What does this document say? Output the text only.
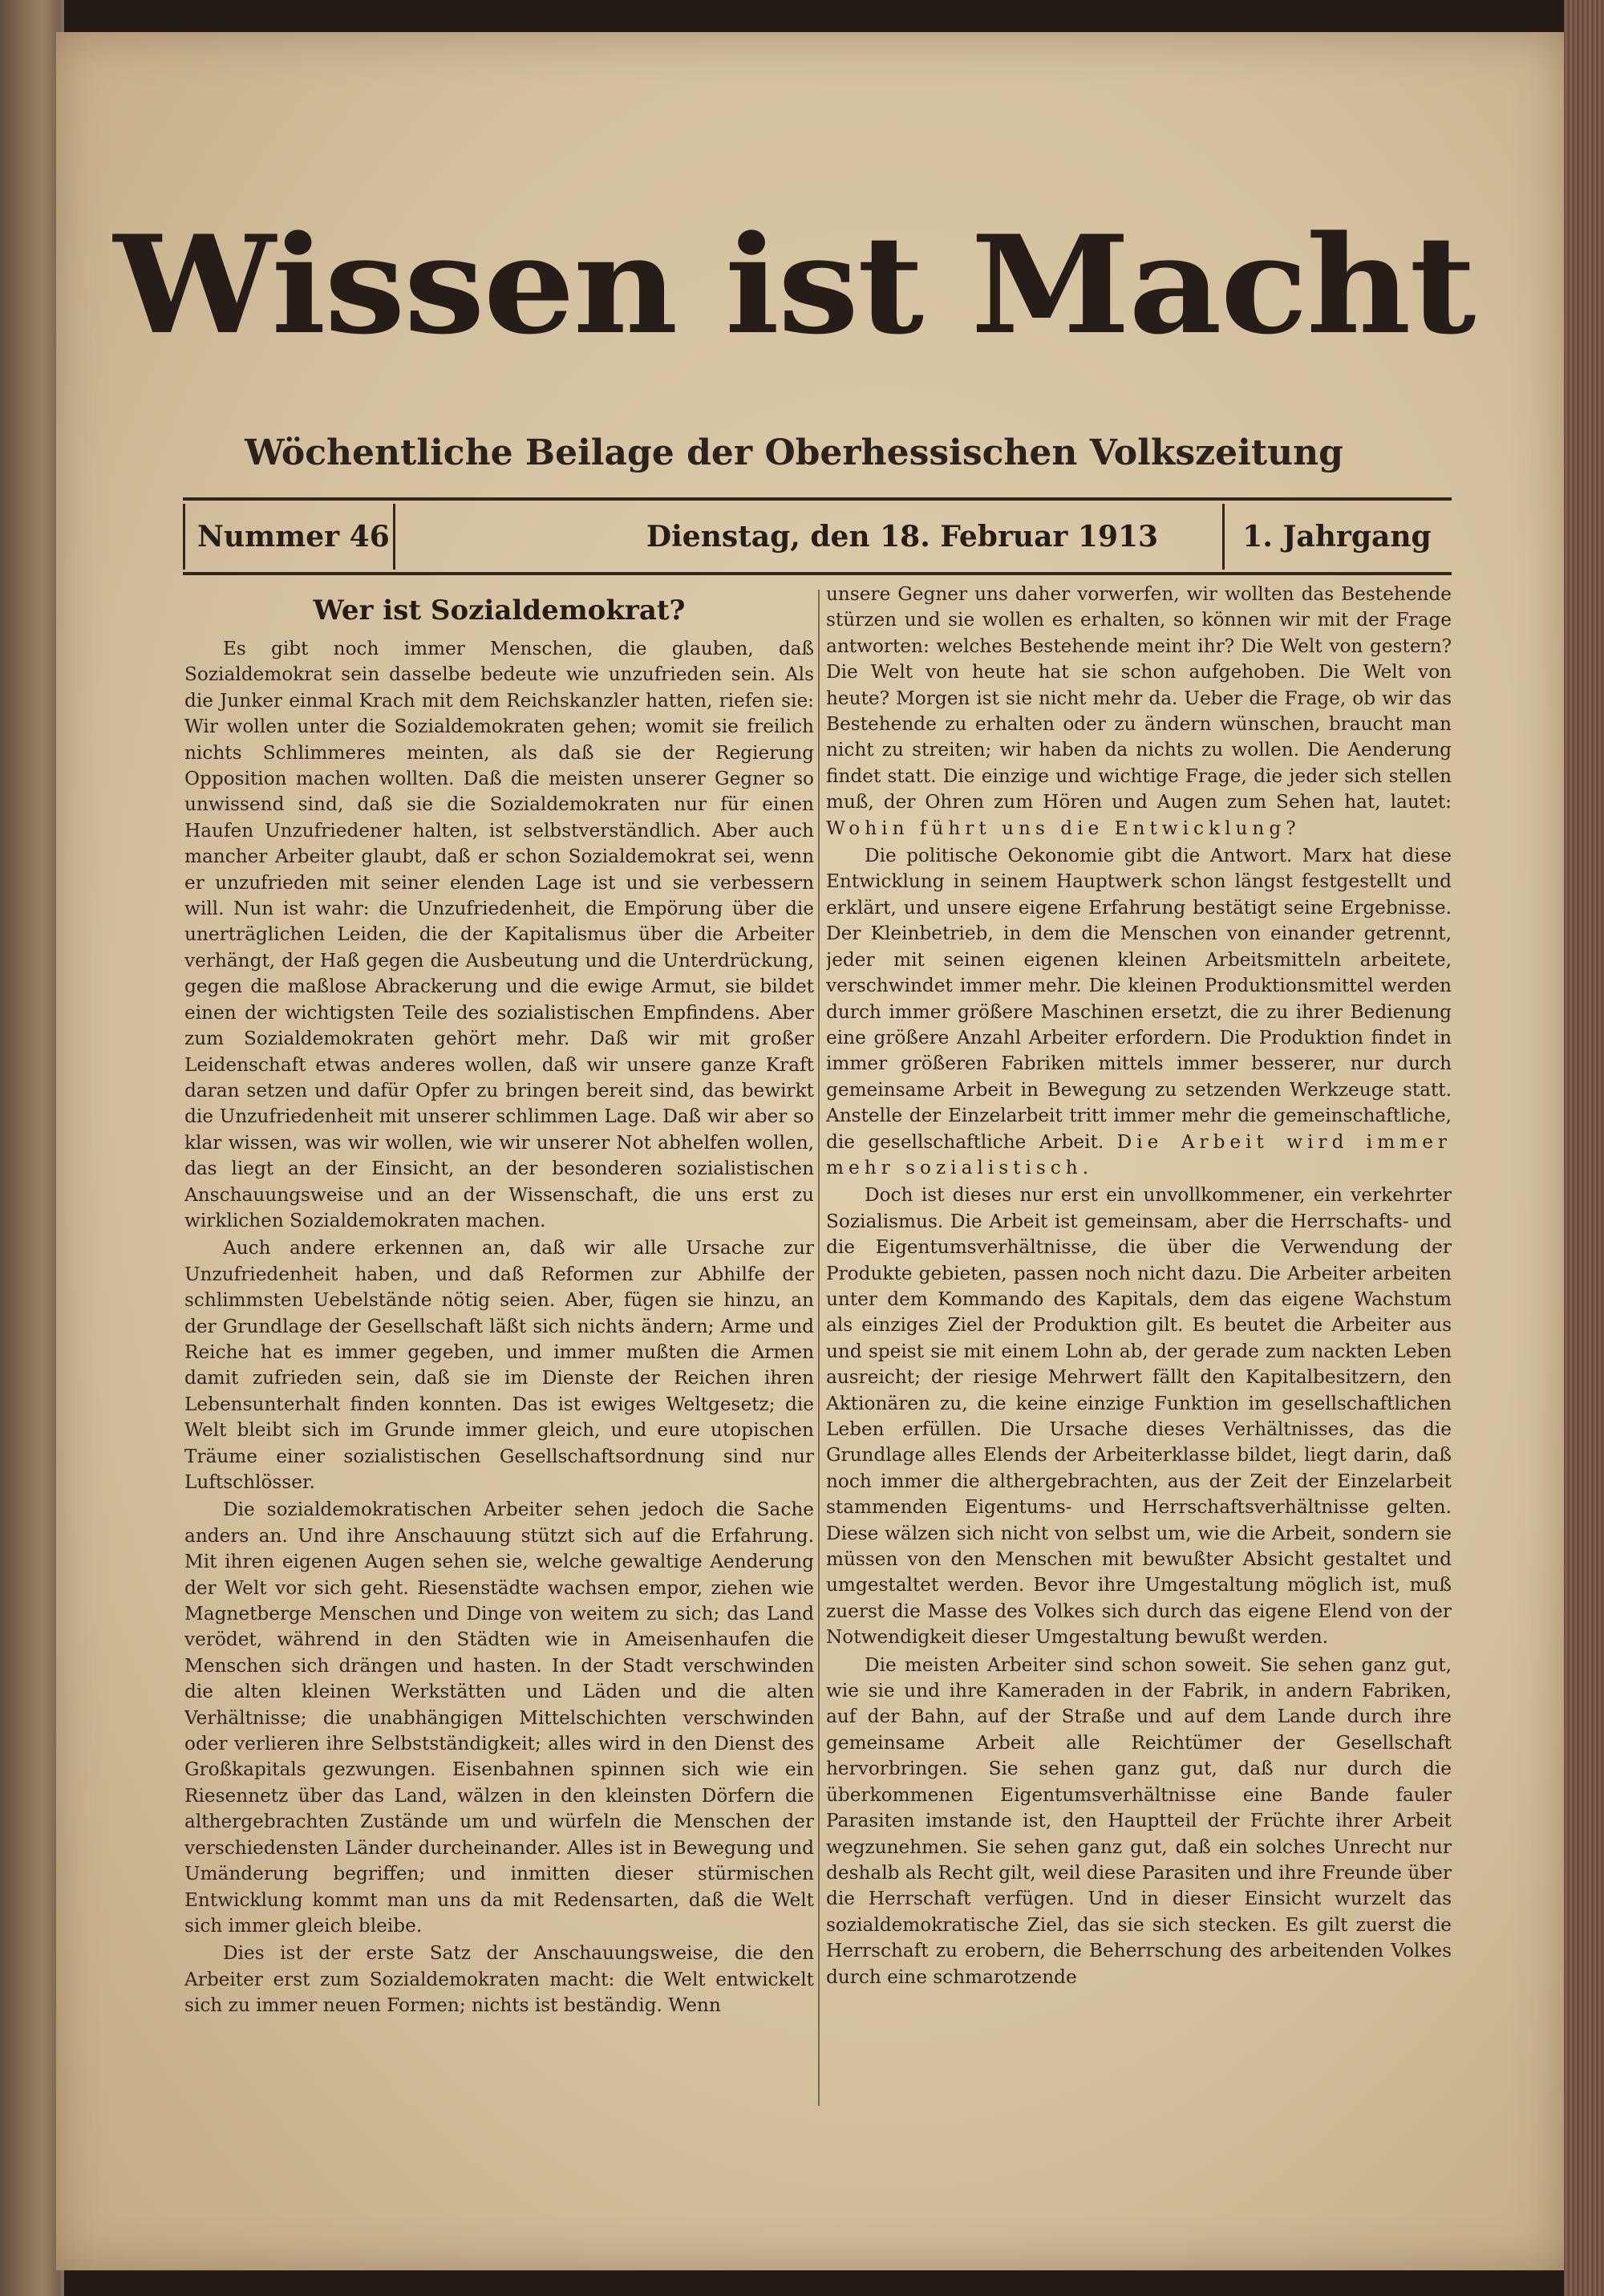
Wissen ist Macht
Wöchentliche Beilage der Oberhessischen Volkszeitung
Nummer 46	Dienstag, den 18. Februar 1913	1. Jahrgang
Wer ist Sozialdemokrat?

Es gibt noch immer Menschen, die glauben, daß Sozialdemokrat sein dasselbe bedeute wie unzufrieden sein. Als die Junker einmal Krach mit dem Reichskanzler hatten, riefen sie: Wir wollen unter die Sozialdemokraten gehen; womit sie freilich nichts Schlimmeres meinten, als daß sie der Regierung Opposition machen wollten. Daß die meisten unserer Gegner so unwissend sind, daß sie die Sozialdemokraten nur für einen Haufen Unzufriedener halten, ist selbstverständlich. Aber auch mancher Arbeiter glaubt, daß er schon Sozialdemokrat sei, wenn er unzufrieden mit seiner elenden Lage ist und sie verbessern will. Nun ist wahr: die Unzufriedenheit, die Empörung über die unerträglichen Leiden, die der Kapitalismus über die Arbeiter verhängt, der Haß gegen die Ausbeutung und die Unterdrückung, gegen die maßlose Abrackerung und die ewige Armut, sie bildet einen der wichtigsten Teile des sozialistischen Empfindens. Aber zum Sozialdemokraten gehört mehr. Daß wir mit großer Leidenschaft etwas anderes wollen, daß wir unsere ganze Kraft daran setzen und dafür Opfer zu bringen bereit sind, das bewirkt die Unzufriedenheit mit unserer schlimmen Lage. Daß wir aber so klar wissen, was wir wollen, wie wir unserer Not abhelfen wollen, das liegt an der Einsicht, an der besonderen sozialistischen Anschauungsweise und an der Wissenschaft, die uns erst zu wirklichen Sozialdemokraten machen.

Auch andere erkennen an, daß wir alle Ursache zur Unzufriedenheit haben, und daß Reformen zur Abhilfe der schlimmsten Uebelstände nötig seien. Aber, fügen sie hinzu, an der Grundlage der Gesellschaft läßt sich nichts ändern; Arme und Reiche hat es immer gegeben, und immer mußten die Armen damit zufrieden sein, daß sie im Dienste der Reichen ihren Lebensunterhalt finden konnten. Das ist ewiges Weltgesetz; die Welt bleibt sich im Grunde immer gleich, und eure utopischen Träume einer sozialistischen Gesellschaftsordnung sind nur Luftschlösser.

Die sozialdemokratischen Arbeiter sehen jedoch die Sache anders an. Und ihre Anschauung stützt sich auf die Erfahrung. Mit ihren eigenen Augen sehen sie, welche gewaltige Aenderung der Welt vor sich geht. Riesenstädte wachsen empor, ziehen wie Magnetberge Menschen und Dinge von weitem zu sich; das Land verödet, während in den Städten wie in Ameisenhaufen die Menschen sich drängen und hasten. In der Stadt verschwinden die alten kleinen Werkstätten und Läden und die alten Verhältnisse; die unabhängigen Mittelschichten verschwinden oder verlieren ihre Selbstständigkeit; alles wird in den Dienst des Großkapitals gezwungen. Eisenbahnen spinnen sich wie ein Riesennetz über das Land, wälzen in den kleinsten Dörfern die althergebrachten Zustände um und würfeln die Menschen der verschiedensten Länder durcheinander. Alles ist in Bewegung und Umänderung begriffen; und inmitten dieser stürmischen Entwicklung kommt man uns da mit Redensarten, daß die Welt sich immer gleich bleibe.

Dies ist der erste Satz der Anschauungsweise, die den Arbeiter erst zum Sozialdemokraten macht: die Welt entwickelt sich zu immer neuen Formen; nichts ist beständig. Wenn

unsere Gegner uns daher vorwerfen, wir wollten das Bestehende stürzen und sie wollen es erhalten, so können wir mit der Frage antworten: welches Bestehende meint ihr? Die Welt von gestern? Die Welt von heute hat sie schon aufgehoben. Die Welt von heute? Morgen ist sie nicht mehr da. Ueber die Frage, ob wir das Bestehende zu erhalten oder zu ändern wünschen, braucht man nicht zu streiten; wir haben da nichts zu wollen. Die Aenderung findet statt. Die einzige und wichtige Frage, die jeder sich stellen muß, der Ohren zum Hören und Augen zum Sehen hat, lautet: Wohin führt uns die Entwicklung?

Die politische Oekonomie gibt die Antwort. Marx hat diese Entwicklung in seinem Hauptwerk schon längst festgestellt und erklärt, und unsere eigene Erfahrung bestätigt seine Ergebnisse. Der Kleinbetrieb, in dem die Menschen von einander getrennt, jeder mit seinen eigenen kleinen Arbeitsmitteln arbeitete, verschwindet immer mehr. Die kleinen Produktionsmittel werden durch immer größere Maschinen ersetzt, die zu ihrer Bedienung eine größere Anzahl Arbeiter erfordern. Die Produktion findet in immer größeren Fabriken mittels immer besserer, nur durch gemeinsame Arbeit in Bewegung zu setzenden Werkzeuge statt. Anstelle der Einzelarbeit tritt immer mehr die gemeinschaftliche, die gesellschaftliche Arbeit. Die Arbeit wird immer mehr sozialistisch.

Doch ist dieses nur erst ein unvollkommener, ein verkehrter Sozialismus. Die Arbeit ist gemeinsam, aber die Herrschafts- und die Eigentumsverhältnisse, die über die Verwendung der Produkte gebieten, passen noch nicht dazu. Die Arbeiter arbeiten unter dem Kommando des Kapitals, dem das eigene Wachstum als einziges Ziel der Produktion gilt. Es beutet die Arbeiter aus und speist sie mit einem Lohn ab, der gerade zum nackten Leben ausreicht; der riesige Mehrwert fällt den Kapitalbesitzern, den Aktionären zu, die keine einzige Funktion im gesellschaftlichen Leben erfüllen. Die Ursache dieses Verhältnisses, das die Grundlage alles Elends der Arbeiterklasse bildet, liegt darin, daß noch immer die althergebrachten, aus der Zeit der Einzelarbeit stammenden Eigentums- und Herrschaftsverhältnisse gelten. Diese wälzen sich nicht von selbst um, wie die Arbeit, sondern sie müssen von den Menschen mit bewußter Absicht gestaltet und umgestaltet werden. Bevor ihre Umgestaltung möglich ist, muß zuerst die Masse des Volkes sich durch das eigene Elend von der Notwendigkeit dieser Umgestaltung bewußt werden.

Die meisten Arbeiter sind schon soweit. Sie sehen ganz gut, wie sie und ihre Kameraden in der Fabrik, in andern Fabriken, auf der Bahn, auf der Straße und auf dem Lande durch ihre gemeinsame Arbeit alle Reichtümer der Gesellschaft hervorbringen. Sie sehen ganz gut, daß nur durch die überkommenen Eigentumsverhältnisse eine Bande fauler Parasiten imstande ist, den Hauptteil der Früchte ihrer Arbeit wegzunehmen. Sie sehen ganz gut, daß ein solches Unrecht nur deshalb als Recht gilt, weil diese Parasiten und ihre Freunde über die Herrschaft verfügen. Und in dieser Einsicht wurzelt das sozialdemokratische Ziel, das sie sich stecken. Es gilt zuerst die Herrschaft zu erobern, die Beherrschung des arbeitenden Volkes durch eine schmarotzende
